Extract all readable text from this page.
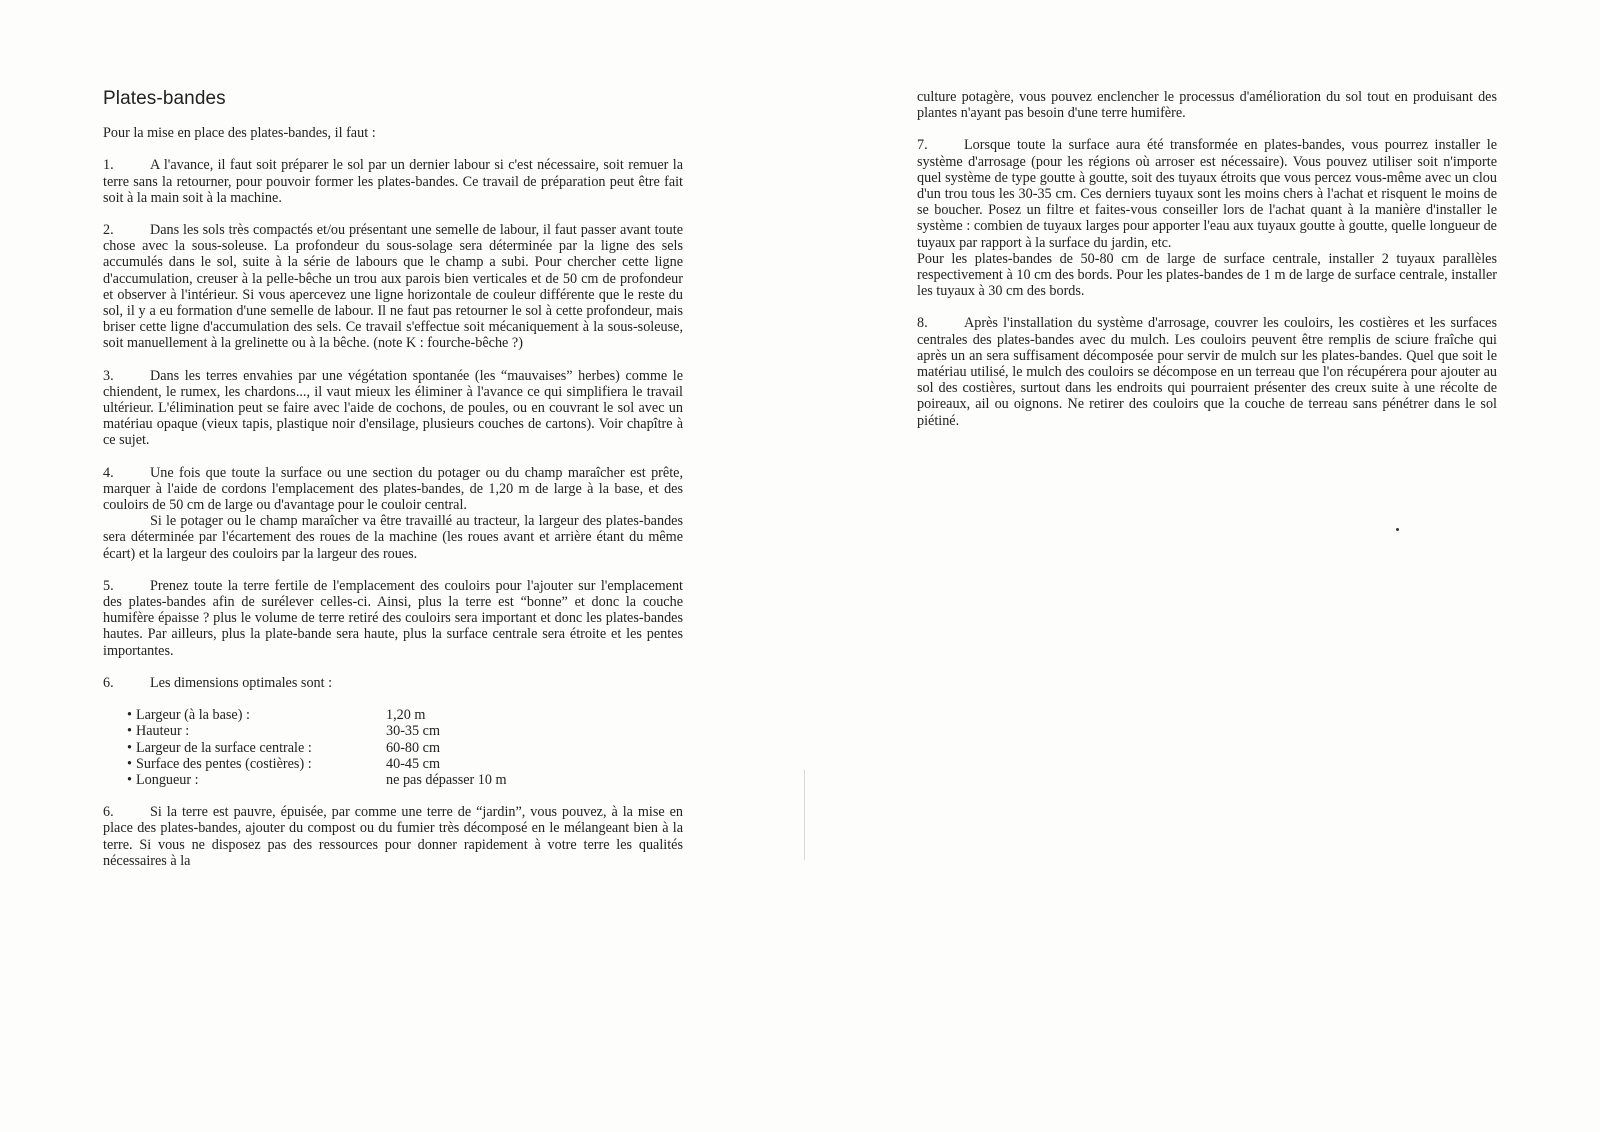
Plates-bandes

Pour la mise en place des plates-bandes, il faut :

1.	A l'avance, il faut soit préparer le sol par un dernier labour si c'est nécessaire, soit remuer la terre sans la retourner, pour pouvoir former les plates-bandes. Ce travail de préparation peut être fait soit à la main soit à la machine.

2.	Dans les sols très compactés et/ou présentant une semelle de labour, il faut passer avant toute chose avec la sous-soleuse. La profondeur du sous-solage sera déterminée par la ligne des sels accumulés dans le sol, suite à la série de labours que le champ a subi. Pour chercher cette ligne d'accumulation, creuser à la pelle-bêche un trou aux parois bien verticales et de 50 cm de profondeur et observer à l'intérieur. Si vous apercevez une ligne horizontale de couleur différente que le reste du sol, il y a eu formation d'une semelle de labour. Il ne faut pas retourner le sol à cette profondeur, mais briser cette ligne d'accumulation des sels. Ce travail s'effectue soit mécaniquement à la sous-soleuse, soit manuellement à la grelinette ou à la bêche. (note K : fourche-bêche ?)

3.	Dans les terres envahies par une végétation spontanée (les “mauvaises” herbes) comme le chiendent, le rumex, les chardons..., il vaut mieux les éliminer à l'avance ce qui simplifiera le travail ultérieur. L'élimination peut se faire avec l'aide de cochons, de poules, ou en couvrant le sol avec un matériau opaque (vieux tapis, plastique noir d'ensilage, plusieurs couches de cartons). Voir chapître à ce sujet.

4.	Une fois que toute la surface ou une section du potager ou du champ maraîcher est prête, marquer à l'aide de cordons l'emplacement des plates-bandes, de 1,20 m de large à la base, et des couloirs de 50 cm de large ou d'avantage pour le couloir central.

Si le potager ou le champ maraîcher va être travaillé au tracteur, la largeur des plates-bandes sera déterminée par l'écartement des roues de la machine (les roues avant et arrière étant du même écart) et la largeur des couloirs par la largeur des roues.

5.	Prenez toute la terre fertile de l'emplacement des couloirs pour l'ajouter sur l'emplacement des plates-bandes afin de surélever celles-ci. Ainsi, plus la terre est “bonne” et donc la couche humifère épaisse ? plus le volume de terre retiré des couloirs sera important et donc les plates-bandes hautes. Par ailleurs, plus la plate-bande sera haute, plus la surface centrale sera étroite et les pentes importantes.

6.	Les dimensions optimales sont :

• Largeur (à la base) :	1,20 m
• Hauteur :	30-35 cm
• Largeur de la surface centrale :	60-80 cm
• Surface des pentes (costières) :	40-45 cm
• Longueur :	ne pas dépasser 10 m

6.	Si la terre est pauvre, épuisée, par comme une terre de “jardin”, vous pouvez, à la mise en place des plates-bandes, ajouter du compost ou du fumier très décomposé en le mélangeant bien à la terre. Si vous ne disposez pas des ressources pour donner rapidement à votre terre les qualités nécessaires à la

culture potagère, vous pouvez enclencher le processus d'amélioration du sol tout en produisant des plantes n'ayant pas besoin d'une terre humifère.

7.	Lorsque toute la surface aura été transformée en plates-bandes, vous pourrez installer le système d'arrosage (pour les régions où arroser est nécessaire). Vous pouvez utiliser soit n'importe quel système de type goutte à goutte, soit des tuyaux étroits que vous percez vous-même avec un clou d'un trou tous les 30-35 cm. Ces derniers tuyaux sont les moins chers à l'achat et risquent le moins de se boucher. Posez un filtre et faites-vous conseiller lors de l'achat quant à la manière d'installer le système : combien de tuyaux larges pour apporter l'eau aux tuyaux goutte à goutte, quelle longueur de tuyaux par rapport à la surface du jardin, etc.

Pour les plates-bandes de 50-80 cm de large de surface centrale, installer 2 tuyaux parallèles respectivement à 10 cm des bords. Pour les plates-bandes de 1 m de large de surface centrale, installer les tuyaux à 30 cm des bords.

8.	Après l'installation du système d'arrosage, couvrer les couloirs, les costières et les surfaces centrales des plates-bandes avec du mulch. Les couloirs peuvent être remplis de sciure fraîche qui après un an sera suffisament décomposée pour servir de mulch sur les plates-bandes. Quel que soit le matériau utilisé, le mulch des couloirs se décompose en un terreau que l'on récupérera pour ajouter au sol des costières, surtout dans les endroits qui pourraient présenter des creux suite à une récolte de poireaux, ail ou oignons. Ne retirer des couloirs que la couche de terreau sans pénétrer dans le sol piétiné.
